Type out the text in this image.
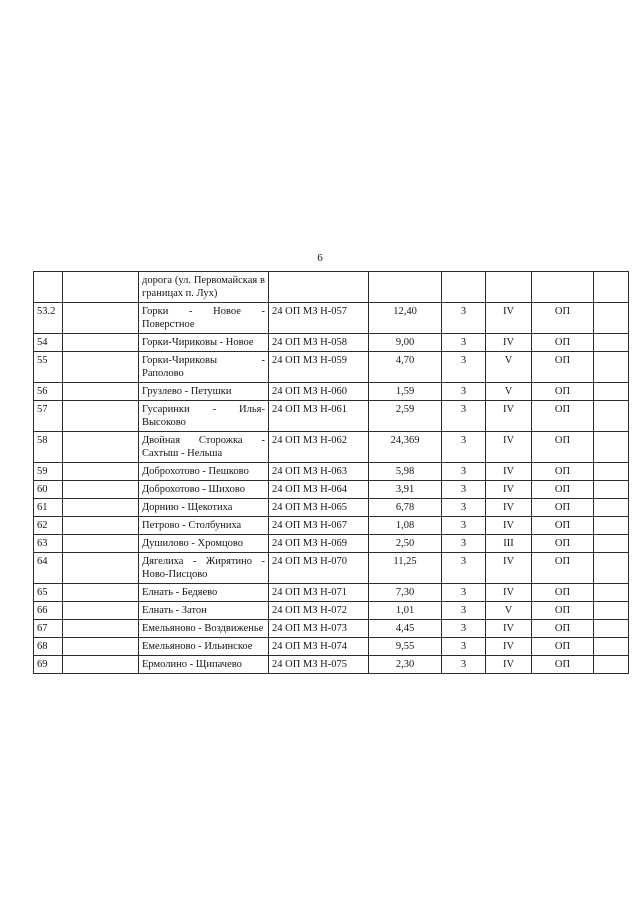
6
		дорога (ул. Первомайская в границах п. Лух)						
53.2		Горки - Новое - Поверстное	24 ОП МЗ Н-057	12,40	3	IV	ОП	
54		Горки-Чириковы - Новое	24 ОП МЗ Н-058	9,00	3	IV	ОП	
55		Горки-Чириковы - Раполово	24 ОП МЗ Н-059	4,70	3	V	ОП	
56		Грузлево - Петушки	24 ОП МЗ Н-060	1,59	3	V	ОП	
57		Гусаринки - Илья-Высоково	24 ОП МЗ Н-061	2,59	3	IV	ОП	
58		Двойная Сторожка - Сахтыш - Нельша	24 ОП МЗ Н-062	24,369	3	IV	ОП	
59		Доброхотово - Пешково	24 ОП МЗ Н-063	5,98	3	IV	ОП	
60		Доброхотово - Шихово	24 ОП МЗ Н-064	3,91	3	IV	ОП	
61		Дорнию - Щекотиха	24 ОП МЗ Н-065	6,78	3	IV	ОП	
62		Петрово - Столбуниха	24 ОП МЗ Н-067	1,08	3	IV	ОП	
63		Душилово - Хромцово	24 ОП МЗ Н-069	2,50	3	III	ОП	
64		Дягелиха - Жирятино - Ново-Писцово	24 ОП МЗ Н-070	11,25	3	IV	ОП	
65		Елнать - Бедяево	24 ОП МЗ Н-071	7,30	3	IV	ОП	
66		Елнать - Затон	24 ОП МЗ Н-072	1,01	3	V	ОП	
67		Емельяново - Воздвиженье	24 ОП МЗ Н-073	4,45	3	IV	ОП	
68		Емельяново - Ильинское	24 ОП МЗ Н-074	9,55	3	IV	ОП	
69		Ермолино - Щипачево	24 ОП МЗ Н-075	2,30	3	IV	ОП	
